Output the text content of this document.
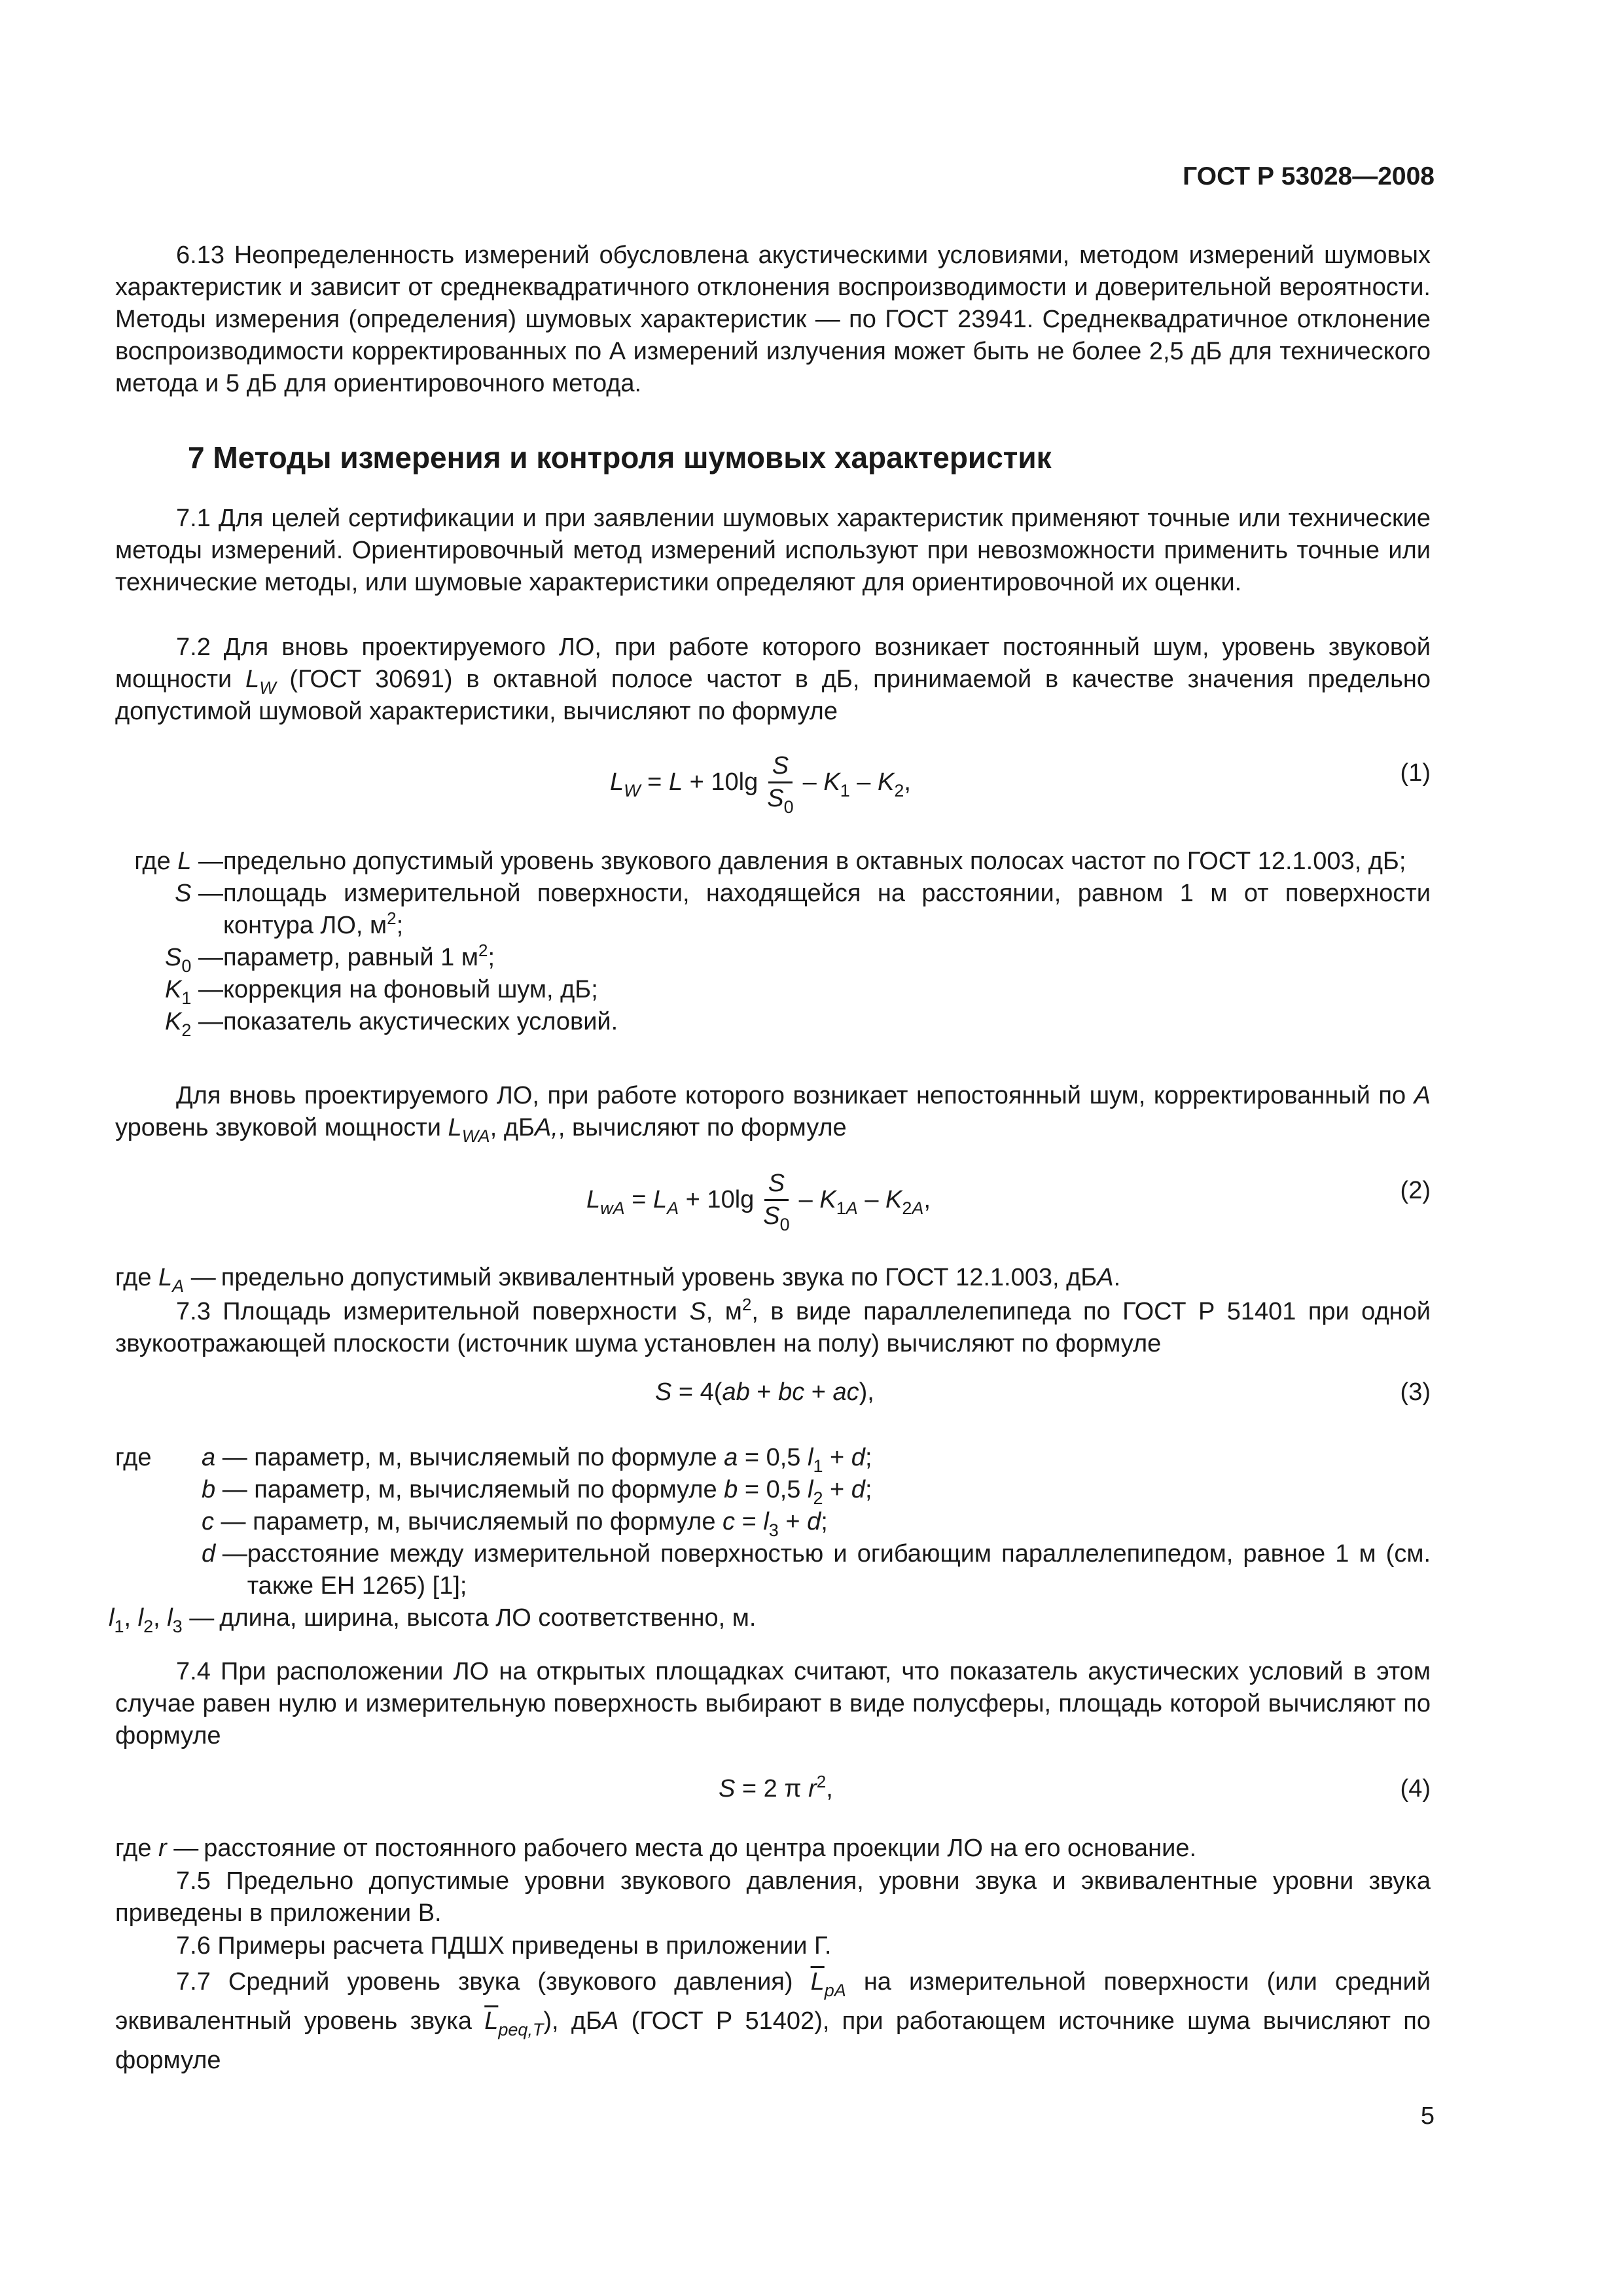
ГОСТ Р 53028—2008

6.13 Неопределенность измерений обусловлена акустическими условиями, методом измерений шумовых характеристик и зависит от среднеквадратичного отклонения воспроизводимости и доверительной вероятности. Методы измерения (определения) шумовых характеристик — по ГОСТ 23941. Среднеквадратичное отклонение воспроизводимости корректированных по А измерений излучения может быть не более 2,5 дБ для технического метода и 5 дБ для ориентировочного метода.

7 Методы измерения и контроля шумовых характеристик

7.1 Для целей сертификации и при заявлении шумовых характеристик применяют точные или технические методы измерений. Ориентировочный метод измерений используют при невозможности применить точные или технические методы, или шумовые характеристики определяют для ориентировочной их оценки.

7.2 Для вновь проектируемого ЛО, при работе которого возникает постоянный шум, уровень звуковой мощности $L_W$ (ГОСТ 30691) в октавной полосе частот в дБ, принимаемой в качестве значения предельно допустимой шумовой характеристики, вычисляют по формуле

$L_W = L + 10\lg \frac{S}{S_0} - K_1 - K_2$,	(1)
где L — предельно допустимый уровень звукового давления в октавных полосах частот по ГОСТ 12.1.003, дБ;
S — площадь измерительной поверхности, находящейся на расстоянии, равном 1 м от поверхности контура ЛО, $м^2$;
$S_0$ — параметр, равный 1 $м^2$;
$K_1$ — коррекция на фоновый шум, дБ;
$K_2$ — показатель акустических условий.

Для вновь проектируемого ЛО, при работе которого возникает непостоянный шум, корректированный по A уровень звуковой мощности $L_{WA}$, дБA,, вычисляют по формуле

$L_{wA} = L_A + 10\lg \frac{S}{S_0} - K_{1A} - K_{2A}$,	(2)
где $L_A$ — предельно допустимый эквивалентный уровень звука по ГОСТ 12.1.003, дБA.

7.3 Площадь измерительной поверхности S, $м^2$, в виде параллелепипеда по ГОСТ Р 51401 при одной звукоотражающей плоскости (источник шума установлен на полу) вычисляют по формуле

S = 4(ab + bc + ac),	(3)
где	a — параметр, м, вычисляемый по формуле a = 0,5 $l_1 + d$;
b — параметр, м, вычисляемый по формуле b = 0,5 $l_2 + d$;
c — параметр, м, вычисляемый по формуле $c = l_3 + d$;
d — расстояние между измерительной поверхностью и огибающим параллелепипедом, равное 1 м (см. также ЕН 1265) [1];
$l_1$, $l_2$, $l_3$ — длина, ширина, высота ЛО соответственно, м.

7.4 При расположении ЛО на открытых площадках считают, что показатель акустических условий в этом случае равен нулю и измерительную поверхность выбирают в виде полусферы, площадь которой вычисляют по формуле

S = 2 π $r^2$,	(4)
где r — расстояние от постоянного рабочего места до центра проекции ЛО на его основание.

7.5 Предельно допустимые уровни звукового давления, уровни звука и эквивалентные уровни звука приведены в приложении В.

7.6 Примеры расчета ПДШХ приведены в приложении Г.

7.7 Средний уровень звука (звукового давления) $\overline{L}_{pA}$ на измерительной поверхности (или средний эквивалентный уровень звука $\overline{L}_{peq,T}$), дБA (ГОСТ Р 51402), при работающем источнике шума вычисляют по формуле

5
